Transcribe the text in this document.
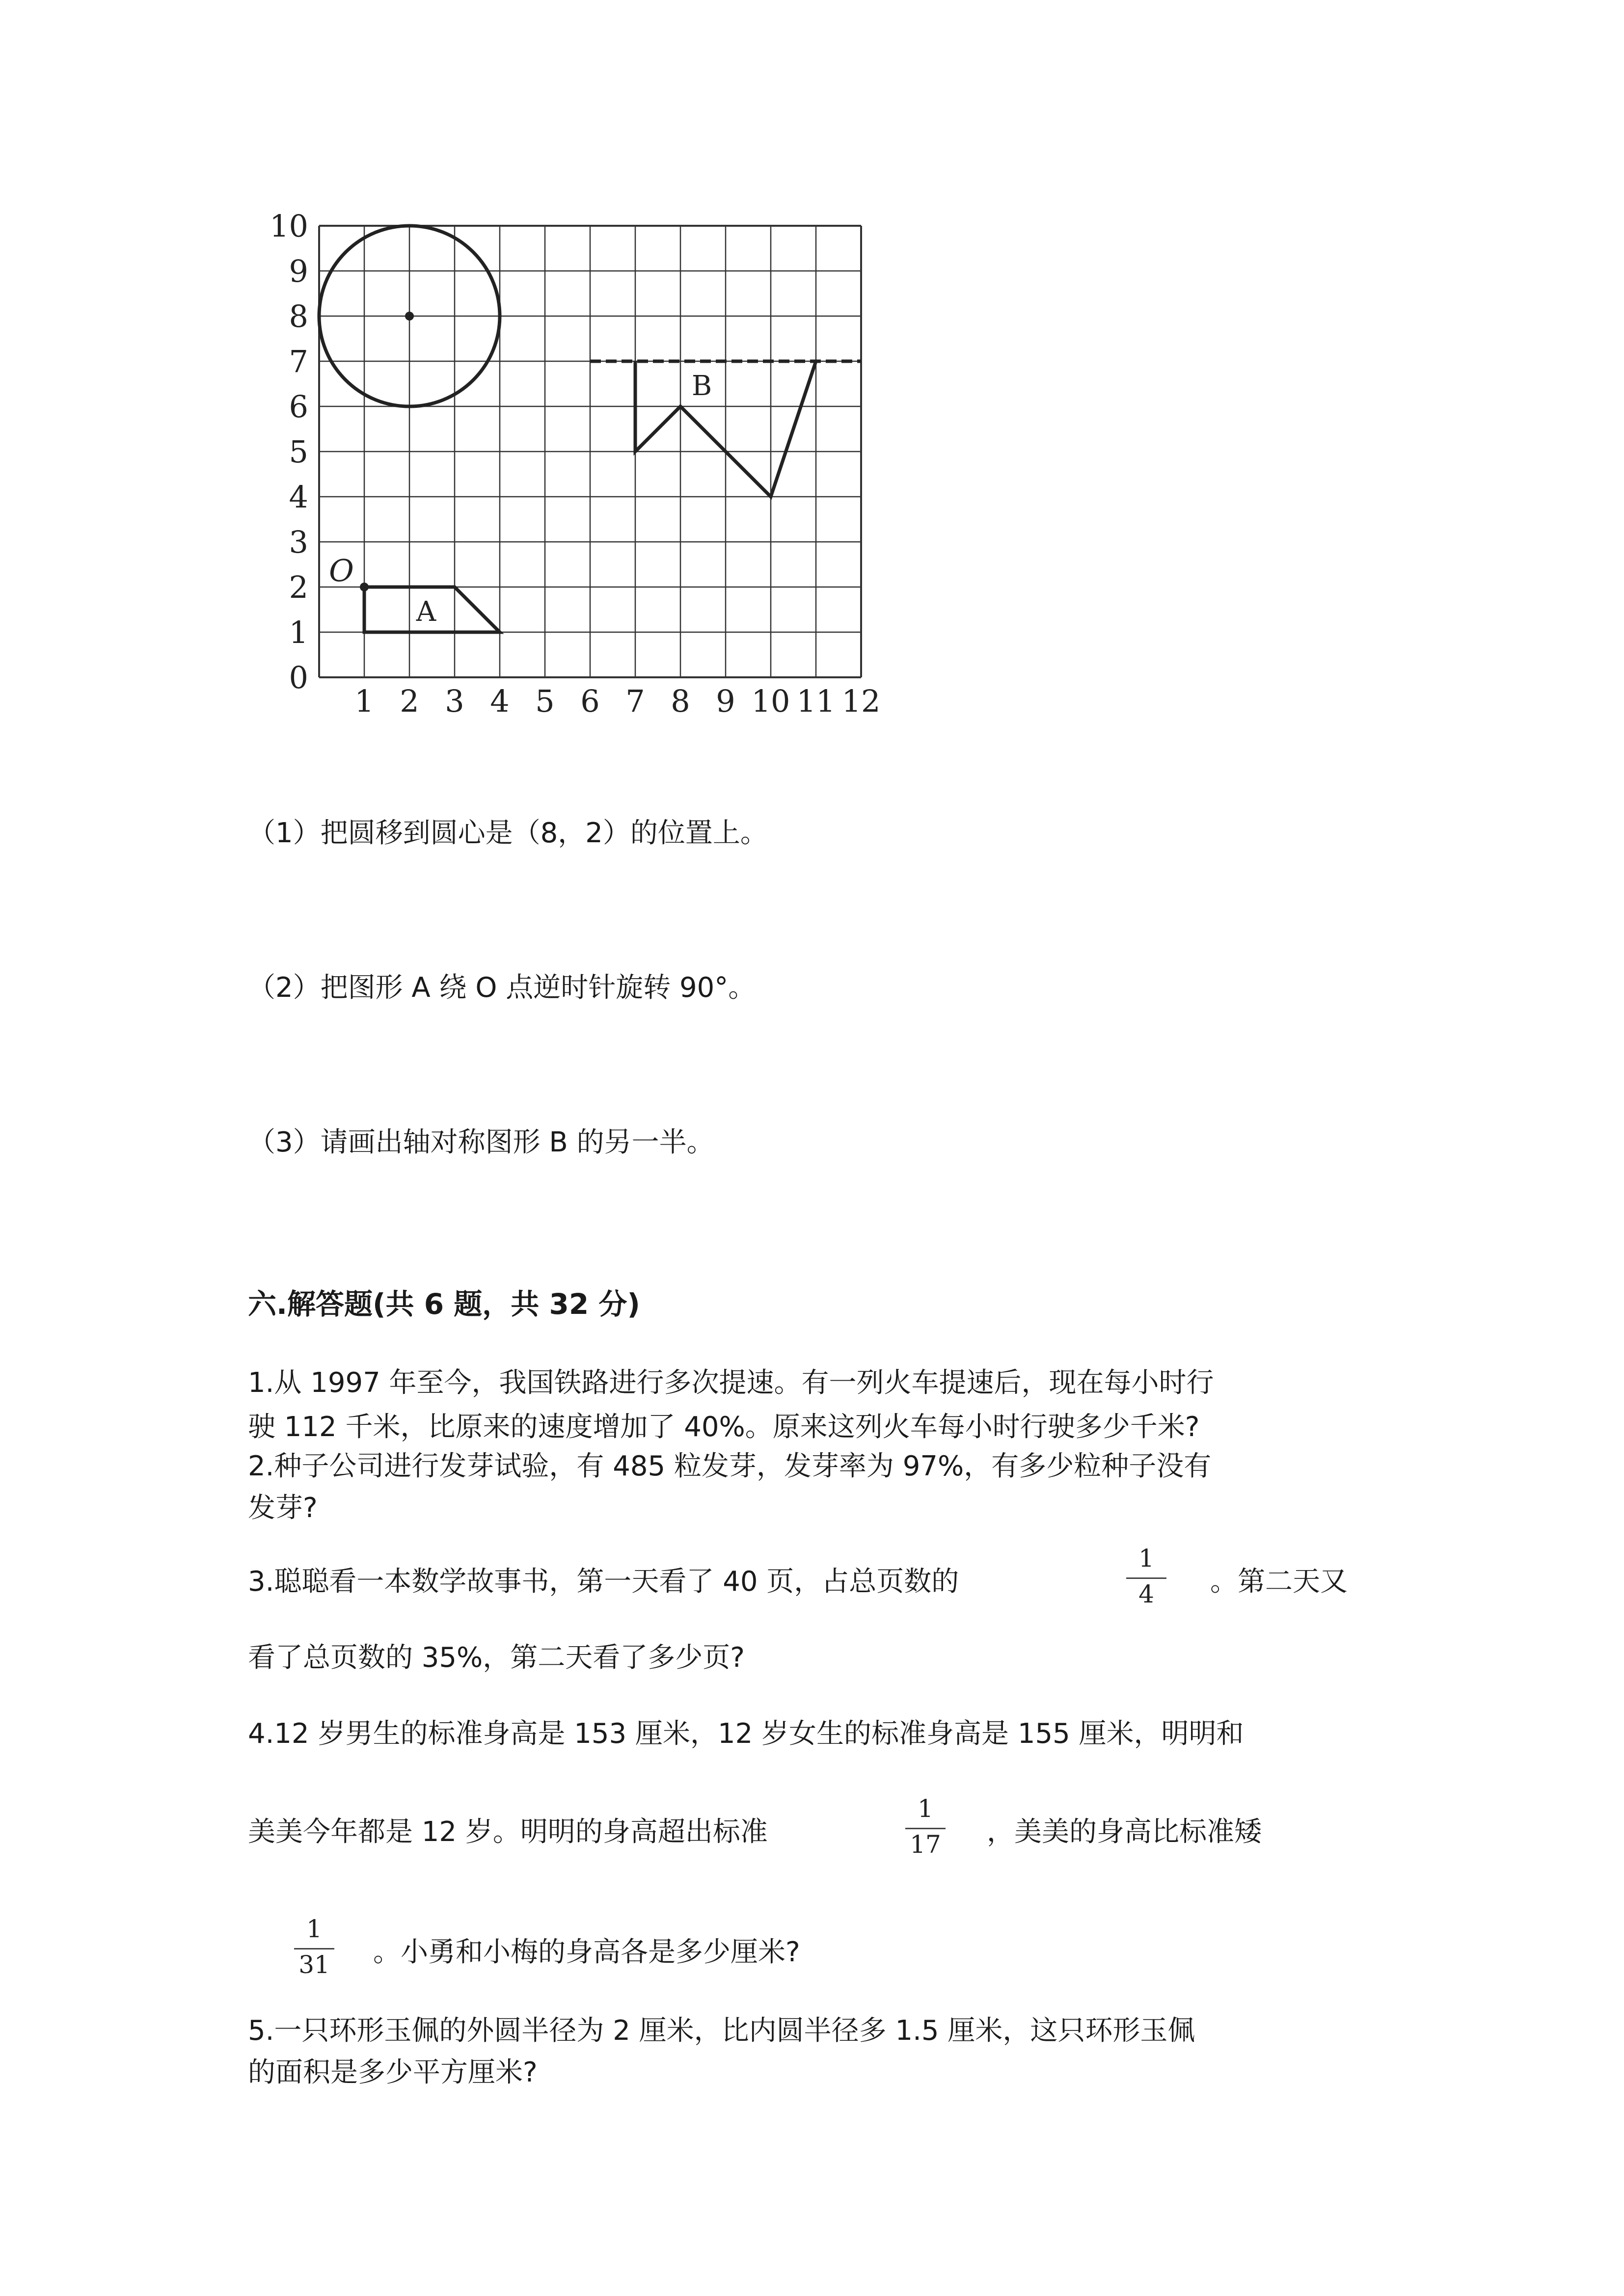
0
1
2
3
4
5
6
7
8
9
10
1 2 3 4 5 6 7 8 9 10 11 12
O
A
B
（1）把圆移到圆心是（8，2）的位置上。
（2）把图形 A 绕 O 点逆时针旋转 90°。
（3）请画出轴对称图形 B 的另一半。
六.解答题(共 6 题，共 32 分)
1.从 1997 年至今，我国铁路进行多次提速。有一列火车提速后，现在每小时行
驶 112 千米，比原来的速度增加了 40%。原来这列火车每小时行驶多少千米?
2.种子公司进行发芽试验，有 485 粒发芽，发芽率为 97%，有多少粒种子没有
发芽?
3.聪聪看一本数学故事书，第一天看了 40 页，占总页数的
1
4	。第二天又
看了总页数的 35%，第二天看了多少页?
4.12 岁男生的标准身高是 153 厘米，12 岁女生的标准身高是 155 厘米，明明和
美美今年都是 12 岁。明明的身高超出标准
1
17	，美美的身高比标准矮
1
31	。小勇和小梅的身高各是多少厘米?
5.一只环形玉佩的外圆半径为 2 厘米，比内圆半径多 1.5 厘米，这只环形玉佩
的面积是多少平方厘米?
